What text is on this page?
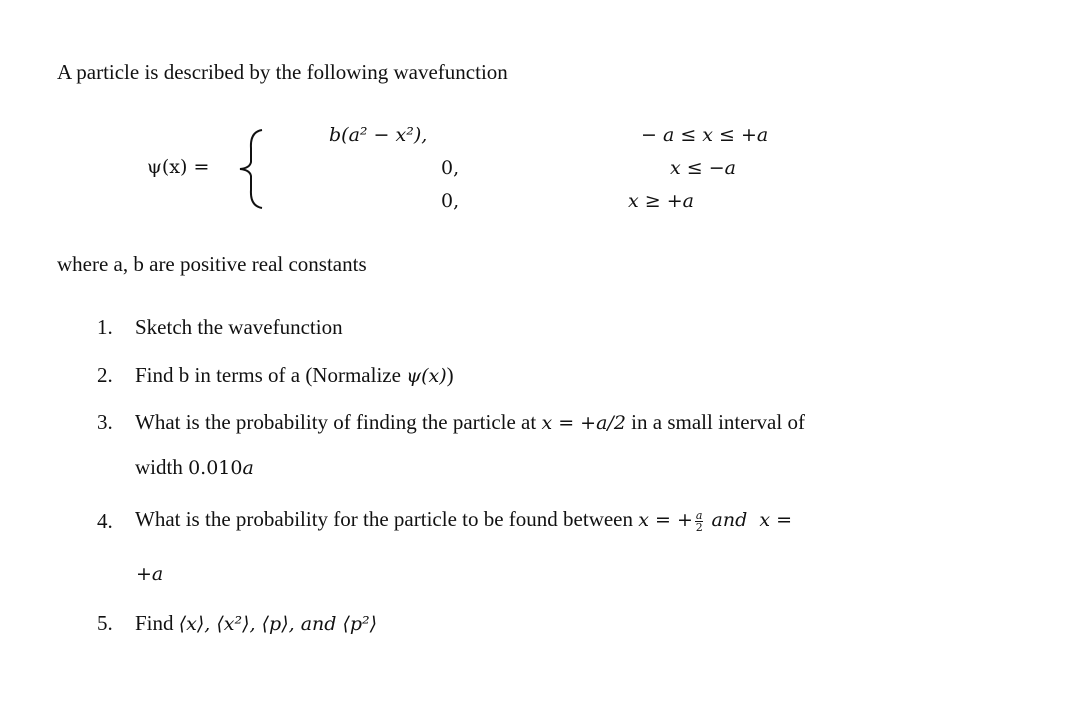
A particle is described by the following wavefunction
ψ(x) =
b(a² − x²),	− a ≤ x ≤ +a
0,	x ≤ −a
0,	x ≥ +a
where a, b are positive real constants
1. Sketch the wavefunction
2. Find b in terms of a (Normalize ψ(x))
3. What is the probability of finding the particle at x = +a/2 in a small interval of
width 0.010a
4. What is the probability for the particle to be found between x = + $\frac{a}{2}$ and  x =
+a
5. Find ⟨x⟩, ⟨x²⟩, ⟨p⟩, and ⟨p²⟩
